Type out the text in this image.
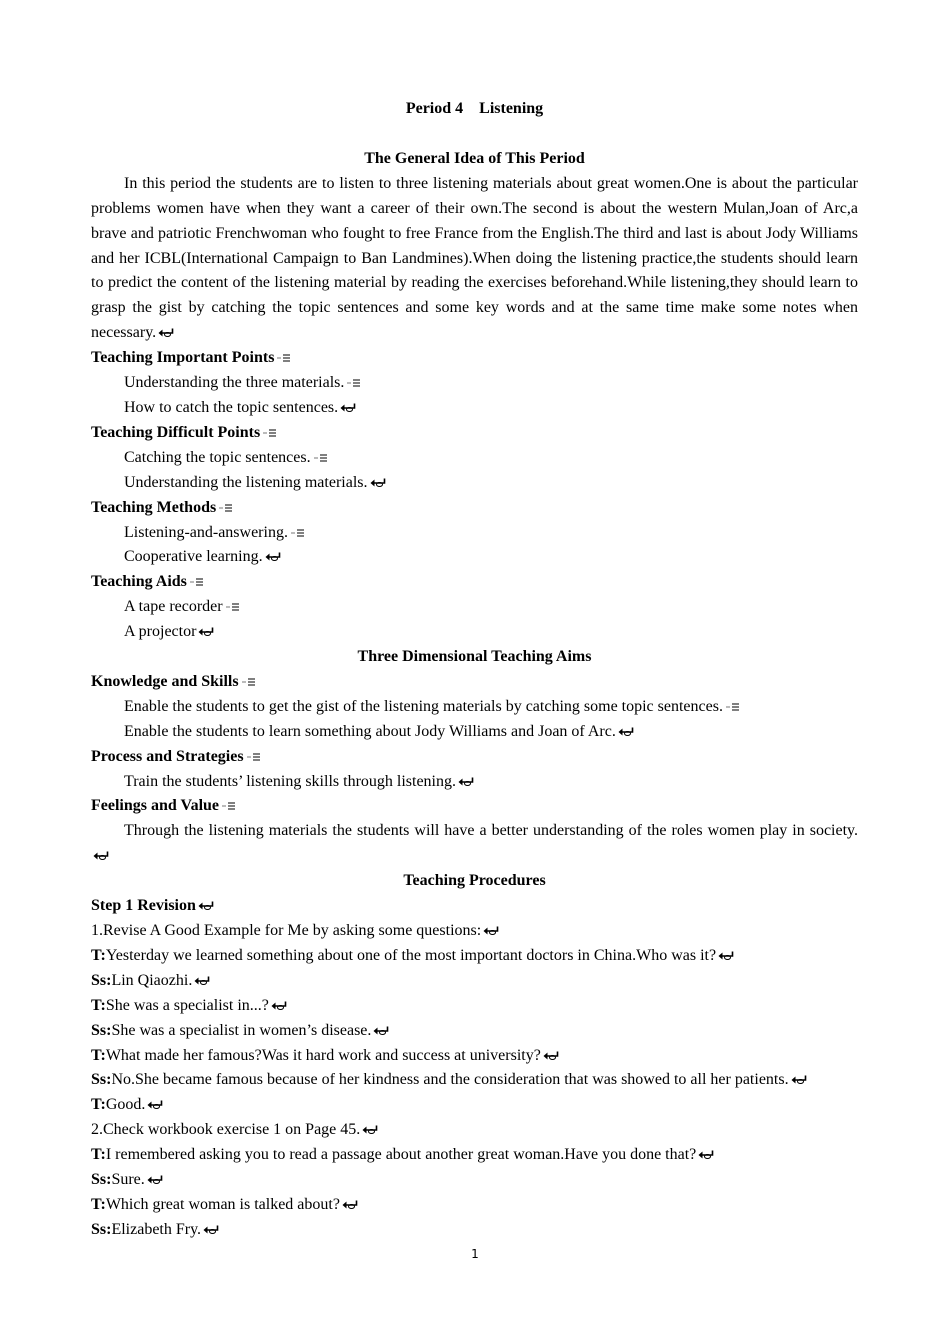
Period 4　Listening
The General Idea of This Period
In this period the students are to listen to three listening materials about great women.One is about the particular problems women have when they want a career of their own.The second is about the western Mulan,Joan of Arc,a brave and patriotic Frenchwoman who fought to free France from the English.The third and last is about Jody Williams and her ICBL(International Campaign to Ban Landmines).When doing the listening practice,the students should learn to predict the content of the listening material by reading the exercises beforehand.While listening,they should learn to grasp the gist by catching the topic sentences and some key words and at the same time make some notes when necessary.
Teaching Important Points
Understanding the three materials.
How to catch the topic sentences.
Teaching Difficult Points
Catching the topic sentences.
Understanding the listening materials.
Teaching Methods
Listening-and-answering.
Cooperative learning.
Teaching Aids
A tape recorder
A projector
Three Dimensional Teaching Aims
Knowledge and Skills
Enable the students to get the gist of the listening materials by catching some topic sentences.
Enable the students to learn something about Jody Williams and Joan of Arc.
Process and Strategies
Train the students’ listening skills through listening.
Feelings and Value
Through the listening materials the students will have a better understanding of the roles women play in society.
Teaching Procedures
Step 1 Revision
1.Revise A Good Example for Me by asking some questions:
T:Yesterday we learned something about one of the most important doctors in China.Who was it?
Ss:Lin Qiaozhi.
T:She was a specialist in...?
Ss:She was a specialist in women’s disease.
T:What made her famous?Was it hard work and success at university?
Ss:No.She became famous because of her kindness and the consideration that was showed to all her patients.
T:Good.
2.Check workbook exercise 1 on Page 45.
T:I remembered asking you to read a passage about another great woman.Have you done that?
Ss:Sure.
T:Which great woman is talked about?
Ss:Elizabeth Fry.
1
